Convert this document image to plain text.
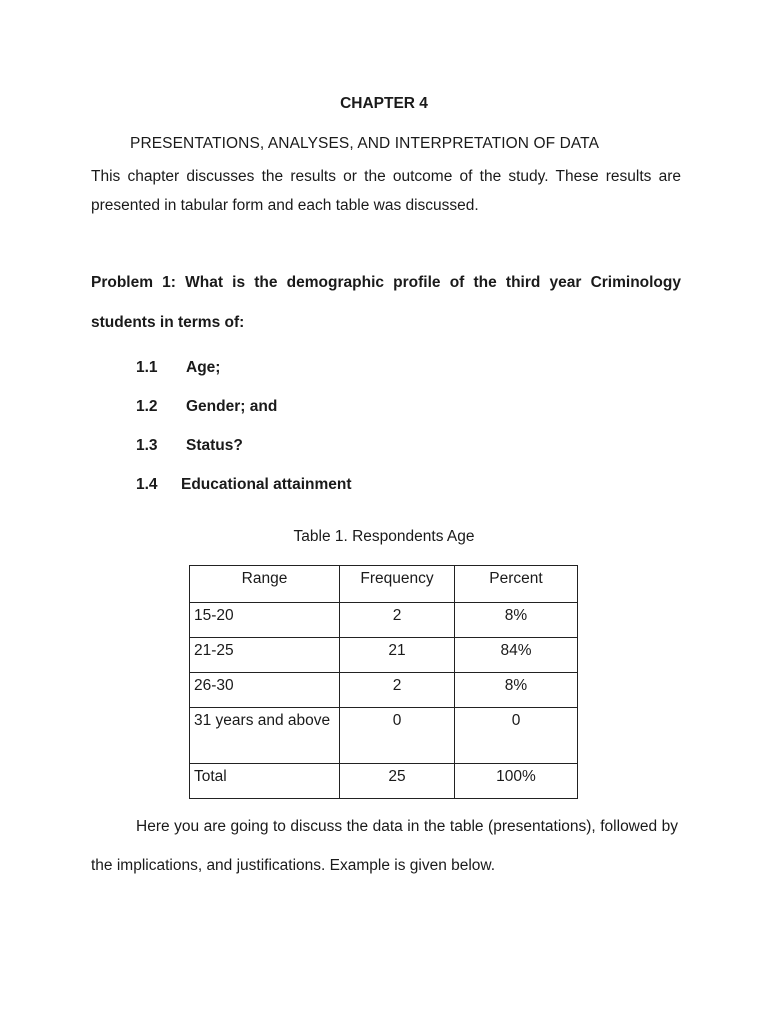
CHAPTER 4

PRESENTATIONS, ANALYSES, AND INTERPRETATION OF DATA

This chapter discusses the results or the outcome of the study. These results are presented in tabular form and each table was discussed.

Problem 1: What is the demographic profile of the third year Criminology students in terms of:

1.1 Age;
1.2 Gender; and
1.3 Status?
1.4 Educational attainment

Table 1. Respondents Age

Range	Frequency	Percent
15-20	2	8%
21-25	21	84%
26-30	2	8%
31 years and above	0	0
Total	25	100%

Here you are going to discuss the data in the table (presentations), followed by the implications, and justifications. Example is given below.
